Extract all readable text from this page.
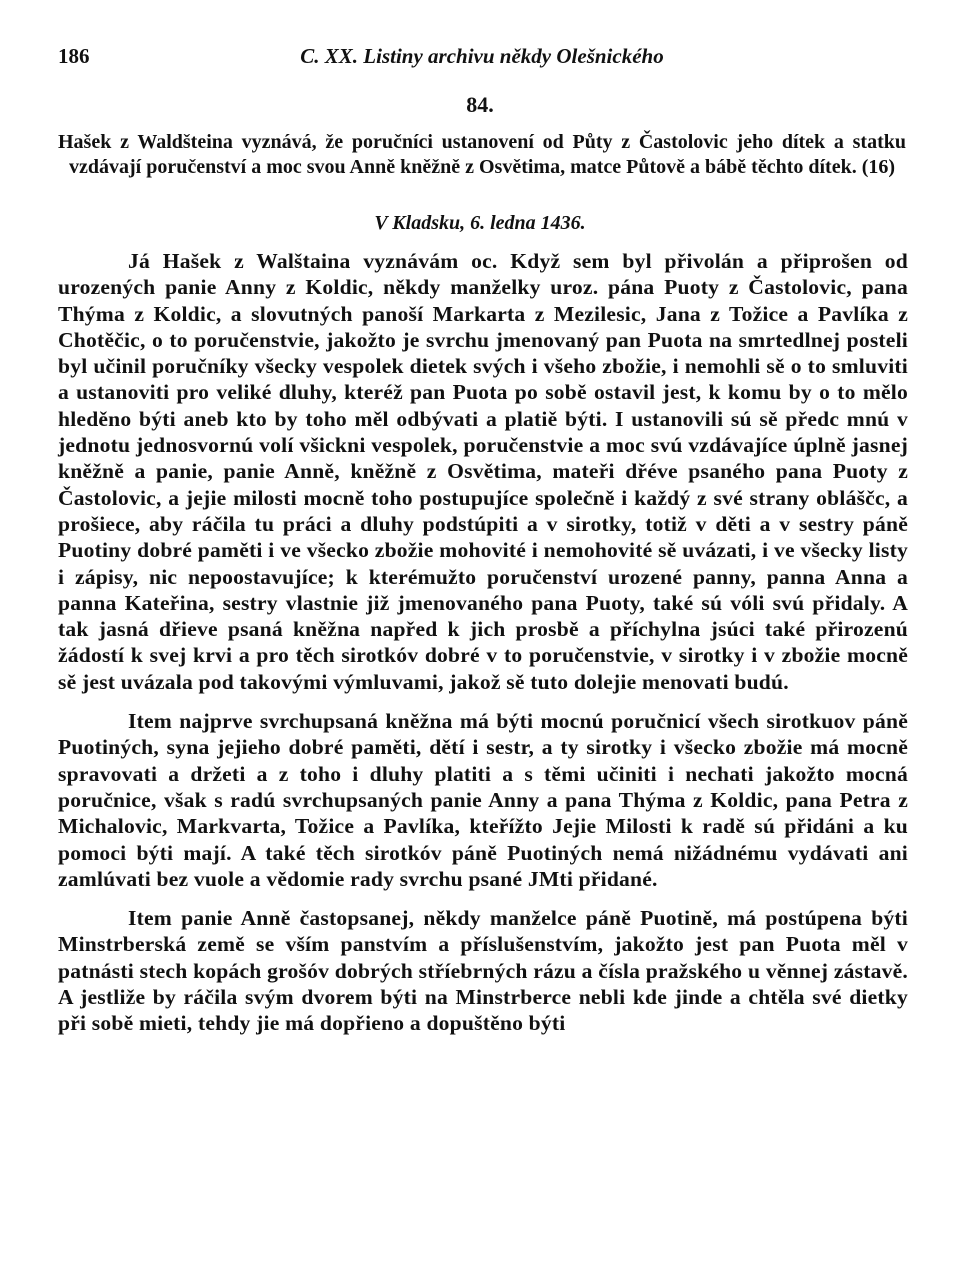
186	C. XX. Listiny archivu někdy Olešnického
84.
Hašek z Waldšteina vyznává, že poručníci ustanovení od Půty z Častolovic jeho dítek a statku vzdávají poručenství a moc svou Anně kněžně z Osvětima, matce Půtově a bábě těchto dítek. (16)
V Kladsku, 6. ledna 1436.

Já Hašek z Walštaina vyznávám oc. Když sem byl přivolán a připrošen od urozených panie Anny z Koldic, někdy manželky uroz. pána Puoty z Častolovic, pana Thýma z Koldic, a slovutných panoší Markarta z Mezilesic, Jana z Tožice a Pavlíka z Chotěčic, o to poručenstvie, jakožto je svrchu jmenovaný pan Puota na smrtedlnej posteli byl učinil poručníky všecky vespolek dietek svých i všeho zbožie, i nemohli sě o to smluviti a ustanoviti pro veliké dluhy, kteréž pan Puota po sobě ostavil jest, k komu by o to mělo hleděno býti aneb kto by toho měl odbývati a platiě býti. I ustanovili sú sě předc mnú v jednotu jednosvornú volí všickni vespolek, poručenstvie a moc svú vzdávajíce úplně jasnej kněžně a panie, panie Anně, kněžně z Osvětima, mateři dřéve psaného pana Puoty z Častolovic, a jejie milosti mocně toho postupujíce společně i každý z své strany obláščc, a prošiece, aby ráčila tu práci a dluhy podstúpiti a v sirotky, totiž v děti a v sestry páně Puotiny dobré paměti i ve všecko zbožie mohovité i nemohovité sě uvázati, i ve všecky listy i zápisy, nic nepoostavujíce; k kterémužto poručenství urozené panny, panna Anna a panna Kateřina, sestry vlastnie již jmenovaného pana Puoty, také sú vóli svú přidaly. A tak jasná dřieve psaná kněžna napřed k jich prosbě a příchylna jsúci také přirozenú žádostí k svej krvi a pro těch sirotkóv dobré v to poručenstvie, v sirotky i v zbožie mocně sě jest uvázala pod takovými výmluvami, jakož sě tuto dolejie menovati budú.

Item najprve svrchupsaná kněžna má býti mocnú poručnicí všech sirotkuov páně Puotiných, syna jejieho dobré paměti, dětí i sestr, a ty sirotky i všecko zbožie má mocně spravovati a držeti a z toho i dluhy platiti a s těmi učiniti i nechati jakožto mocná poručnice, však s radú svrchupsaných panie Anny a pana Thýma z Koldic, pana Petra z Michalovic, Markvarta, Tožice a Pavlíka, kteřížto Jejie Milosti k radě sú přidáni a ku pomoci býti mají. A také těch sirotkóv páně Puotiných nemá nižádnému vydávati ani zamlúvati bez vuole a vědomie rady svrchu psané JMti přidané.

Item panie Anně častopsanej, někdy manželce páně Puotině, má postúpena býti Minstrberská země se vším panstvím a příslušenstvím, jakožto jest pan Puota měl v patnásti stech kopách grošóv dobrých stříebrných rázu a čísla pražského u věnnej zástavě. A jestliže by ráčila svým dvorem býti na Minstrberce nebli kde jinde a chtěla své dietky při sobě mieti, tehdy jie má dopřieno a dopuštěno býti
